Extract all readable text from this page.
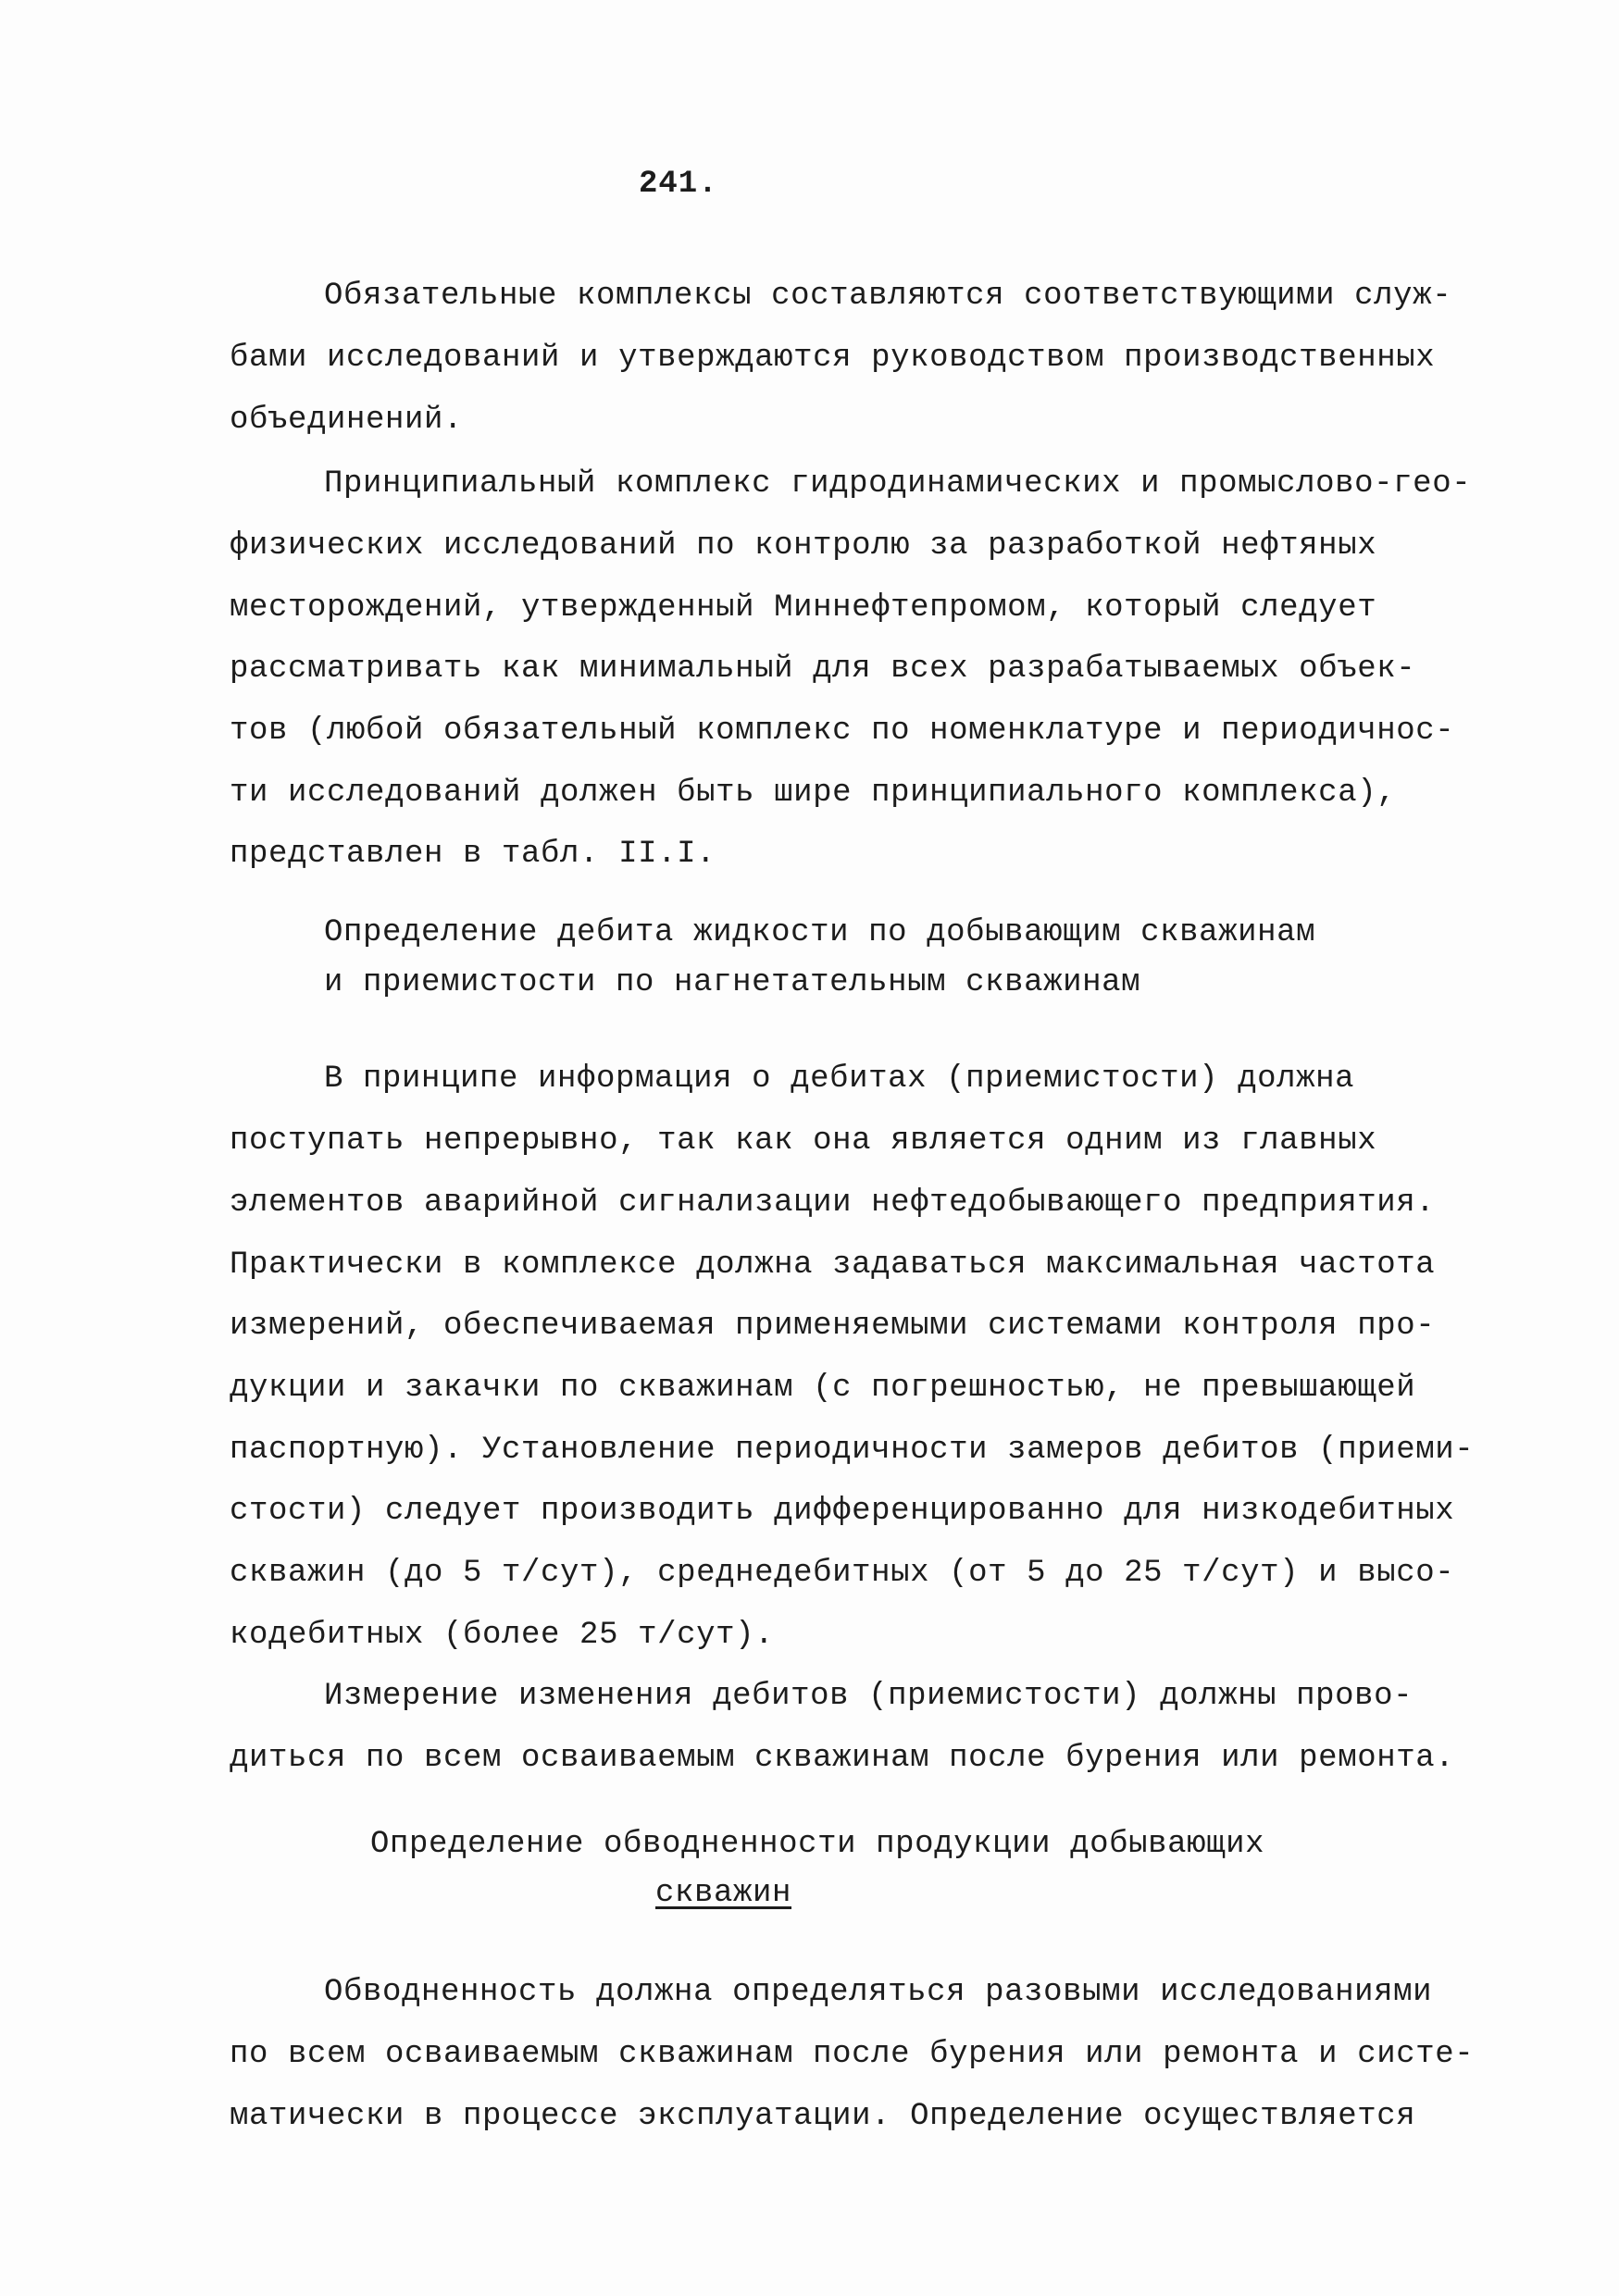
241.
Обязательные комплексы составляются соответствующими служ-
бами исследований и утверждаются руководством производственных
объединений.
Принципиальный комплекс гидродинамических и промыслово-гео-
физических исследований по контролю за разработкой нефтяных
месторождений, утвержденный Миннефтепромом, который следует
рассматривать как минимальный для всех разрабатываемых объек-
тов (любой обязательный комплекс по номенклатуре и периодичнос-
ти исследований должен быть шире принципиального комплекса),
представлен в табл. II.I.
Определение дебита жидкости по добывающим скважинам
и приемистости по нагнетательным скважинам
В принципе информация о дебитах (приемистости) должна
поступать непрерывно, так как она является одним из главных
элементов аварийной сигнализации нефтедобывающего предприятия.
Практически в комплексе должна задаваться максимальная частота
измерений, обеспечиваемая применяемыми системами контроля про-
дукции и закачки по скважинам (с погрешностью, не превышающей
паспортную). Установление периодичности замеров дебитов (приеми-
стости) следует производить дифференцированно для низкодебитных
скважин (до 5 т/сут), среднедебитных (от 5 до 25 т/сут) и высо-
кодебитных (более 25 т/сут).
Измерение изменения дебитов (приемистости) должны прово-
диться по всем осваиваемым скважинам после бурения или ремонта.
Определение обводненности продукции добывающих
скважин
Обводненность должна определяться разовыми исследованиями
по всем осваиваемым скважинам после бурения или ремонта и систе-
матически в процессе эксплуатации. Определение осуществляется
